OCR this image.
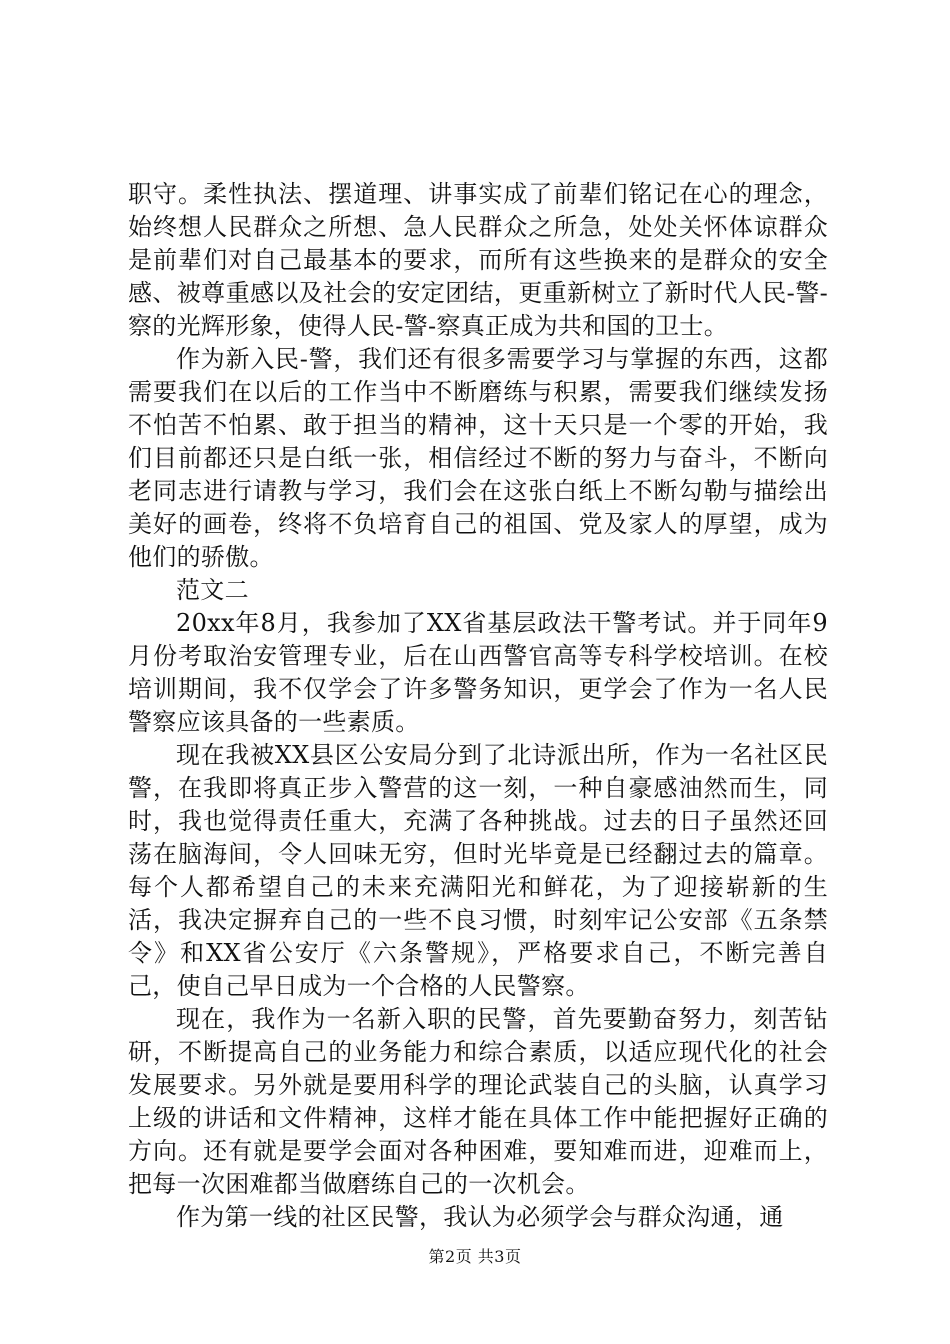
职守。柔性执法、摆道理、讲事实成了前辈们铭记在心的理念，始终想人民群众之所想、急人民群众之所急，处处关怀体谅群众是前辈们对自己最基本的要求，而所有这些换来的是群众的安全感、被尊重感以及社会的安定团结，更重新树立了新时代人民-警-察的光辉形象，使得人民-警-察真正成为共和国的卫士。

作为新入民-警，我们还有很多需要学习与掌握的东西，这都需要我们在以后的工作当中不断磨练与积累，需要我们继续发扬不怕苦不怕累、敢于担当的精神，这十天只是一个零的开始，我们目前都还只是白纸一张，相信经过不断的努力与奋斗，不断向老同志进行请教与学习，我们会在这张白纸上不断勾勒与描绘出美好的画卷，终将不负培育自己的祖国、党及家人的厚望，成为他们的骄傲。

范文二

20xx年8月，我参加了XX省基层政法干警考试。并于同年9月份考取治安管理专业，后在山西警官高等专科学校培训。在校培训期间，我不仅学会了许多警务知识，更学会了作为一名人民警察应该具备的一些素质。

现在我被XX县区公安局分到了北诗派出所，作为一名社区民警，在我即将真正步入警营的这一刻，一种自豪感油然而生，同时，我也觉得责任重大，充满了各种挑战。过去的日子虽然还回荡在脑海间，令人回味无穷，但时光毕竟是已经翻过去的篇章。每个人都希望自己的未来充满阳光和鲜花，为了迎接崭新的生活，我决定摒弃自己的一些不良习惯，时刻牢记公安部《五条禁令》和XX省公安厅《六条警规》，严格要求自己，不断完善自己，使自己早日成为一个合格的人民警察。

现在，我作为一名新入职的民警，首先要勤奋努力，刻苦钻研，不断提高自己的业务能力和综合素质，以适应现代化的社会发展要求。另外就是要用科学的理论武装自己的头脑，认真学习上级的讲话和文件精神，这样才能在具体工作中能把握好正确的方向。还有就是要学会面对各种困难，要知难而进，迎难而上，把每一次困难都当做磨练自己的一次机会。

作为第一线的社区民警，我认为必须学会与群众沟通，通

第2页 共3页
